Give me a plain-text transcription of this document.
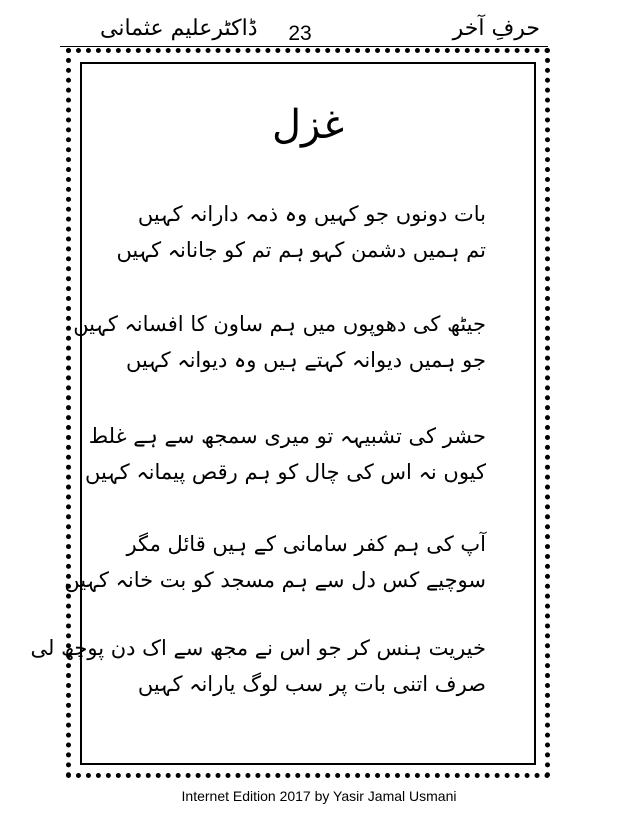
ڈاکٹرعلیم عثمانی	23	حرفِ آخر
غزل
بات دونوں جو کہیں وہ ذمہ دارانہ کہیں
تم ہمیں دشمن کہو ہم تم کو جانانہ کہیں
جیٹھ کی دھوپوں میں ہم ساون کا افسانہ کہیں
جو ہمیں دیوانہ کہتے ہیں وہ دیوانہ کہیں
حشر کی تشبیہہ تو میری سمجھ سے ہے غلط
کیوں نہ اس کی چال کو ہم رقص پیمانہ کہیں
آپ کی ہم کفر سامانی کے ہیں قائل مگر
سوچیے کس دل سے ہم مسجد کو بت خانہ کہیں
خیریت ہنس کر جو اس نے مجھ سے اک دن پوچھ لی
صرف اتنی بات پر سب لوگ یارانہ کہیں
Internet Edition 2017 by Yasir Jamal Usmani
